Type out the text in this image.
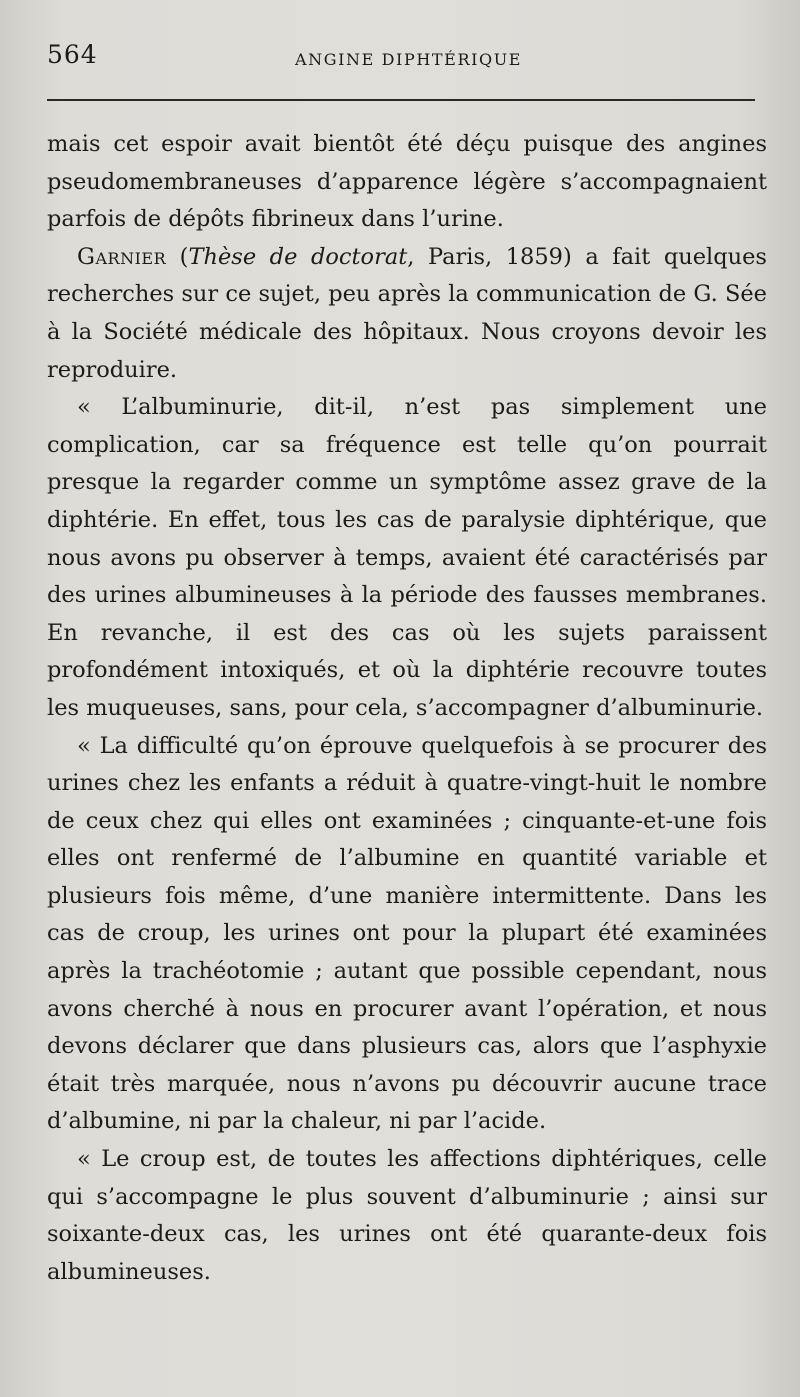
564	ANGINE DIPHTÉRIQUE

mais cet espoir avait bientôt été déçu puisque des angines pseudomembraneuses d’apparence légère s’accompagnaient parfois de dépôts fibrineux dans l’urine.

Garnier (Thèse de doctorat, Paris, 1859) a fait quelques recherches sur ce sujet, peu après la communication de G. Sée à la Société médicale des hôpitaux. Nous croyons devoir les reproduire.

« L’albuminurie, dit-il, n’est pas simplement une complication, car sa fréquence est telle qu’on pourrait presque la regarder comme un symptôme assez grave de la diphtérie. En effet, tous les cas de paralysie diphtérique, que nous avons pu observer à temps, avaient été caractérisés par des urines albumineuses à la période des fausses membranes. En revanche, il est des cas où les sujets paraissent profondément intoxiqués, et où la diphtérie recouvre toutes les muqueuses, sans, pour cela, s’accompagner d’albuminurie.

« La difficulté qu’on éprouve quelquefois à se procurer des urines chez les enfants a réduit à quatre-vingt-huit le nombre de ceux chez qui elles ont examinées ; cinquante-et-une fois elles ont renfermé de l’albumine en quantité variable et plusieurs fois même, d’une manière intermittente. Dans les cas de croup, les urines ont pour la plupart été examinées après la trachéotomie ; autant que possible cependant, nous avons cherché à nous en procurer avant l’opération, et nous devons déclarer que dans plusieurs cas, alors que l’asphyxie était très marquée, nous n’avons pu découvrir aucune trace d’albumine, ni par la chaleur, ni par l’acide.

« Le croup est, de toutes les affections diphtériques, celle qui s’accompagne le plus souvent d’albuminurie ; ainsi sur soixante-deux cas, les urines ont été quarante-deux fois albumineuses.
